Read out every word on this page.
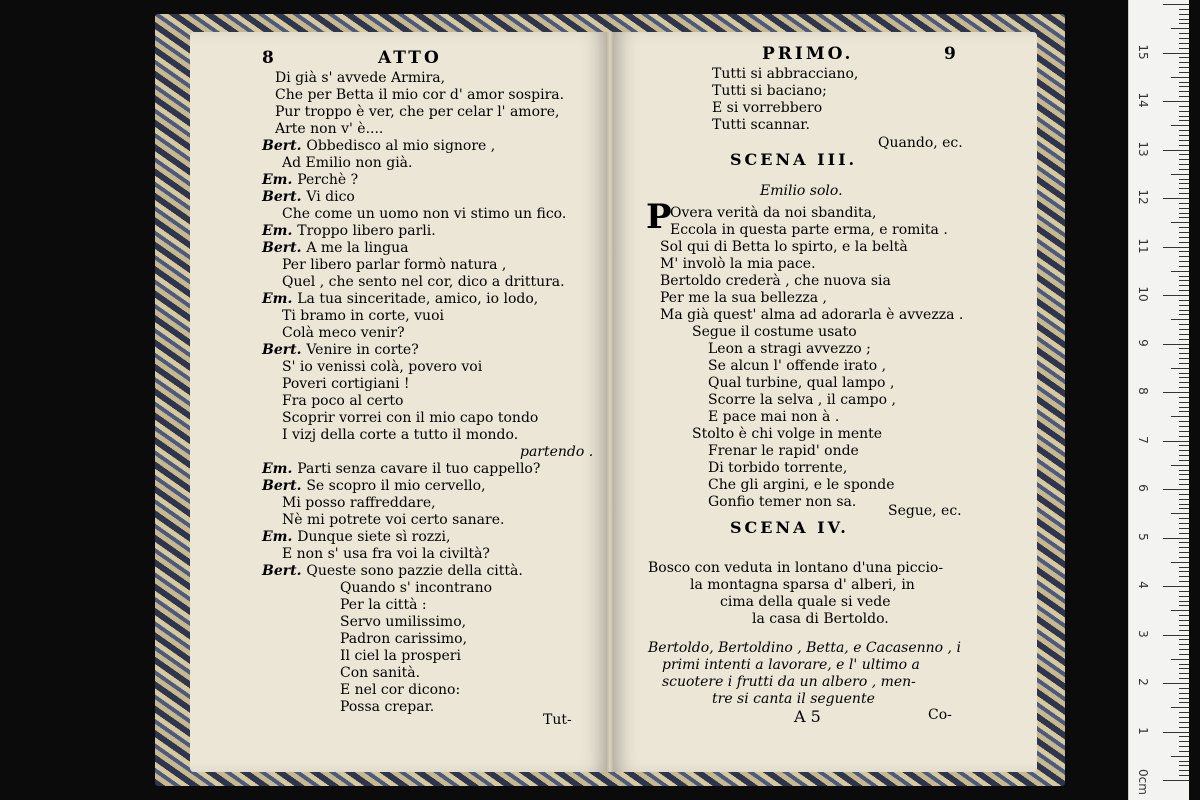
8	ATTO
Di già s' avvede Armira,
Che per Betta il mio cor d' amor sospira.
Pur troppo è ver, che per celar l' amore,
Arte non v' è....
Bert. Obbedisco al mio signore ,
Ad Emilio non già.
Em. Perchè ?
Bert. Vi dico
Che come un uomo non vi stimo un fico.
Em. Troppo libero parli.
Bert. A me la lingua
Per libero parlar formò natura ,
Quel , che sento nel cor, dico a drittura.
Em. La tua sinceritade, amico, io lodo,
Ti bramo in corte, vuoi
Colà meco venir?
Bert. Venire in corte?
S' io venissi colà, povero voi
Poveri cortigiani !
Fra poco al certo
Scoprir vorrei con il mio capo tondo
I vizj della corte a tutto il mondo.
partendo .
Em. Parti senza cavare il tuo cappello?
Bert. Se scopro il mio cervello,
Mi posso raffreddare,
Nè mi potrete voi certo sanare.
Em. Dunque siete sì rozzi,
E non s' usa fra voi la civiltà?
Bert. Queste sono pazzie della città.
Quando s' incontrano
Per la città :
Servo umilissimo,
Padron carissimo,
Il ciel la prosperi
Con sanità.
E nel cor dicono:
Possa crepar.
Tut-
PRIMO.	9
Tutti si abbracciano,
Tutti si baciano;
E si vorrebbero
Tutti scannar.
Quando, ec.
SCENA III.
Emilio solo.
P
Overa verità da noi sbandita,
Eccola in questa parte erma, e romita .
Sol qui di Betta lo spirto, e la beltà
M' involò la mia pace.
Bertoldo crederà , che nuova sia
Per me la sua bellezza ,
Ma già quest' alma ad adorarla è avvezza .
Segue il costume usato
Leon a stragi avvezzo ;
Se alcun l' offende irato ,
Qual turbine, qual lampo ,
Scorre la selva , il campo ,
E pace mai non à .
Stolto è chi volge in mente
Frenar le rapid' onde
Di torbido torrente,
Che gli argini, e le sponde
Gonfio temer non sa.
Segue, ec.
SCENA IV.
Bosco con veduta in lontano d'una piccio-
la montagna sparsa d' alberi, in
cima della quale si vede
la casa di Bertoldo.
Bertoldo, Bertoldino , Betta, e Cacasenno , i
primi intenti a lavorare, e l' ultimo a
scuotere i frutti da un albero , men-
tre si canta il seguente
A 5	Co-
0cm
1
2
3
4
5
6
7
8
9
10
11
12
13
14
15
